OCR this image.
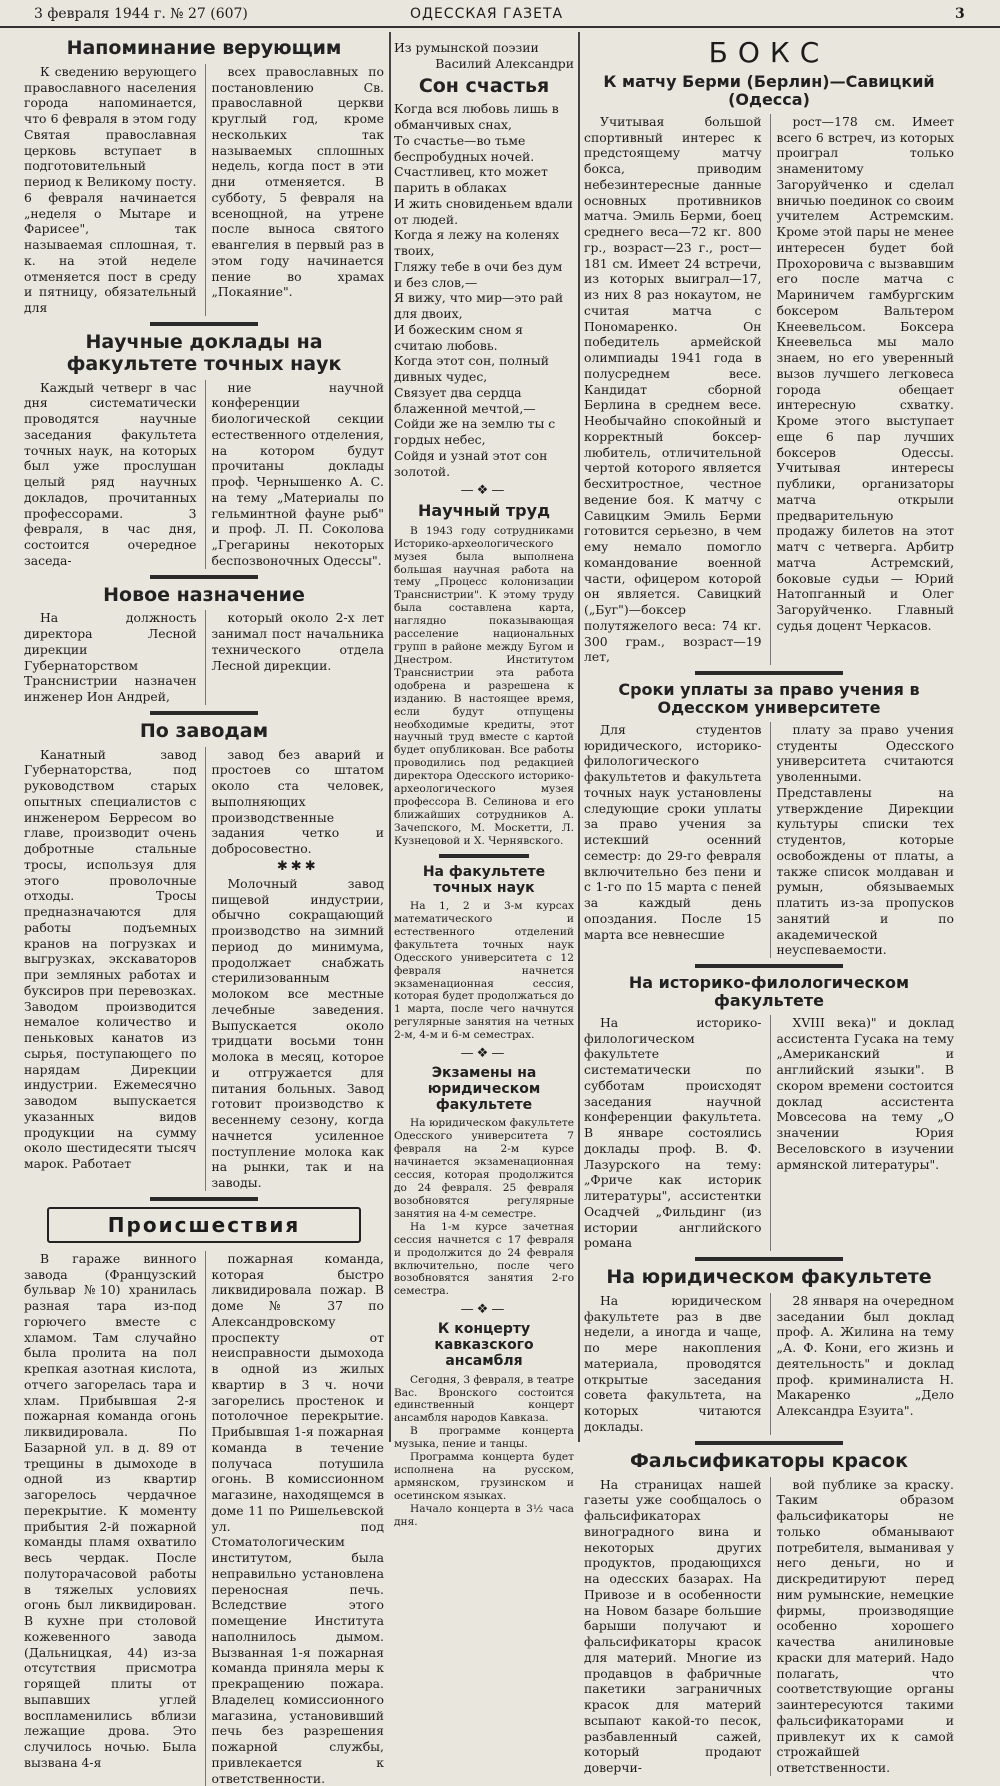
3 февраля 1944 г. № 27 (607)	ОДЕССКАЯ ГАЗЕТА	3
Напоминание верующим

К сведению верующего православного населения города напоминается, что 6 февраля в этом году Святая православная церковь вступает в подготовительный период к Великому посту. 6 февраля начинается „неделя о Мытаре и Фарисее", так называемая сплошная, т. к. на этой неделе отменяется пост в среду и пятницу, обязательный для

всех православных по постановлению Св. православной церкви круглый год, кроме нескольких так называемых сплошных недель, когда пост в эти дни отменяется. В субботу, 5 февраля на всенощной, на утрене после выноса святого евангелия в первый раз в этом году начинается пение во храмах „Покаяние".

Научные доклады на факультете точных наук

Каждый четверг в час дня систематически проводятся научные заседания факультета точных наук, на которых был уже прослушан целый ряд научных докладов, прочитанных профессорами. 3 февраля, в час дня, состоится очередное заседа-

ние научной конференции биологической секции естественного отделения, на котором будут прочитаны доклады проф. Чернышенко А. С. на тему „Материалы по гельминтной фауне рыб" и проф. Л. П. Соколова „Грегарины некоторых беспозвоночных Одессы".

Новое назначение

На должность директора Лесной дирекции Губернаторством Транснистрии назначен инженер Ион Андрей,

который около 2-х лет занимал пост начальника технического отдела Лесной дирекции.

По заводам

Канатный завод Губернаторства, под руководством старых опытных специалистов с инженером Берресом во главе, производит очень добротные стальные тросы, используя для этого проволочные отходы. Тросы предназначаются для работы подъемных кранов на погрузках и выгрузках, экскаваторов при земляных работах и буксиров при перевозках. Заводом производится немалое количество и пеньковых канатов из сырья, поступающего по нарядам Дирекции индустрии. Ежемесячно заводом выпускается указанных видов продукции на сумму около шестидесяти тысяч марок. Работает

завод без аварий и простоев со штатом около ста человек, выполняющих производственные задания четко и добросовестно.

✱✱✱

Молочный завод пищевой индустрии, обычно сокращающий производство на зимний период до минимума, продолжает снабжать стерилизованным молоком все местные лечебные заведения. Выпускается около тридцати восьми тонн молока в месяц, которое и отгружается для питания больных. Завод готовит производство к весеннему сезону, когда начнется усиленное поступление молока как на рынки, так и на заводы.

Происшествия

В гараже винного завода (Французский бульвар №10) хранилась разная тара из-под горючего вместе с хламом. Там случайно была пролита на пол крепкая азотная кислота, отчего загорелась тара и хлам. Прибывшая 2-я пожарная команда огонь ликвидировала. По Базарной ул. в д. 89 от трещины в дымоходе в одной из квартир загорелось чердачное перекрытие. К моменту прибытия 2-й пожарной команды пламя охватило весь чердак. После полуторачасовой работы в тяжелых условиях огонь был ликвидирован. В кухне при столовой кожевенного завода (Дальницкая, 44) из-за отсутствия присмотра горящей плиты от выпавших углей воспламенились вблизи лежащие дрова. Это случилось ночью. Была вызвана 4-я

пожарная команда, которая быстро ликвидировала пожар. В доме № 37 по Александровскому проспекту от неисправности дымохода в одной из жилых квартир в 3 ч. ночи загорелись простенок и потолочное перекрытие. Прибывшая 1-я пожарная команда в течение получаса потушила огонь. В комиссионном магазине, находящемся в доме 11 по Ришельевской ул. под Стоматологическим институтом, была неправильно установлена переносная печь. Вследствие этого помещение Института наполнилось дымом. Вызванная 1-я пожарная команда приняла меры к прекращению пожара. Владелец комиссионного магазина, установивший печь без разрешения пожарной службы, привлекается к ответственности.

Из румынской поэзии

Василий Александри

Сон счастья

Когда вся любовь лишь в обманчивых снах,

То счастье—во тьме беспробудных ночей.

Счастливец, кто может парить в облаках

И жить сновиденьем вдали от людей.

Когда я лежу на коленях твоих,

Гляжу тебе в очи без дум и без слов,—

Я вижу, что мир—это рай для двоих,

И божеским сном я считаю любовь.

Когда этот сон, полный дивных чудес,

Связует два сердца блаженной мечтой,—

Сойди же на землю ты с гордых небес,

Сойдя и узнай этот сон золотой.

—❖—
Научный труд

В 1943 году сотрудниками Историко-археологического музея была выполнена большая научная работа на тему „Процесс колонизации Транснистрии". К этому труду была составлена карта, наглядно показывающая расселение национальных групп в районе между Бугом и Днестром. Институтом Транснистрии эта работа одобрена и разрешена к изданию. В настоящее время, если будут отпущены необходимые кредиты, этот научный труд вместе с картой будет опубликован. Все работы проводились под редакцией директора Одесского историко-археологического музея профессора В. Селинова и его ближайших сотрудников А. Зачепского, М. Москетти, Л. Кузнецовой и Х. Чернявского.

На факультете точных наук

На 1, 2 и 3-м курсах математического и естественного отделений факультета точных наук Одесского университета с 12 февраля начнется экзаменационная сессия, которая будет продолжаться до 1 марта, после чего начнутся регулярные занятия на четных 2-м, 4-м и 6-м семестрах.

—❖—
Экзамены на юридическом факультете

На юридическом факультете Одесского университета 7 февраля на 2-м курсе начинается экзаменационная сессия, которая продолжится до 24 февраля. 25 февраля возобновятся регулярные занятия на 4-м семестре.

На 1-м курсе зачетная сессия начнется с 17 февраля и продолжится до 24 февраля включительно, после чего возобновятся занятия 2-го семестра.

—❖—
К концерту кавказского ансамбля

Сегодня, 3 февраля, в театре Вас. Вронского состоится единственный концерт ансамбля народов Кавказа.

В программе концерта музыка, пение и танцы.

Программа концерта будет исполнена на русском, армянском, грузинском и осетинском языках.

Начало концерта в 3½ часа дня.

БОКС
К матчу Берми (Берлин)—Савицкий (Одесса)

Учитывая большой спортивный интерес к предстоящему матчу бокса, приводим небезинтересные данные основных противников матча. Эмиль Берми, боец среднего веса—72 кг. 800 гр., возраст—23 г., рост—181 см. Имеет 24 встречи, из которых выиграл—17, из них 8 раз нокаутом, не считая матча с Пономаренко. Он победитель армейской олимпиады 1941 года в полусреднем весе. Кандидат сборной Берлина в среднем весе. Необычайно спокойный и корректный боксер-любитель, отличительной чертой которого является бесхитростное, честное ведение боя. К матчу с Савицким Эмиль Берми готовится серьезно, в чем ему немало помогло командование военной части, офицером которой он является. Савицкий („Буг")—боксер полутяжелого веса: 74 кг. 300 грам., возраст—19 лет,

рост—178 см. Имеет всего 6 встреч, из которых проиграл только знаменитому Загоруйченко и сделал вничью поединок со своим учителем Астремским. Кроме этой пары не менее интересен будет бой Прохоровича с вызвавшим его после матча с Мариничем гамбургским боксером Вальтером Кнеевельсом. Боксера Кнеевельса мы мало знаем, но его уверенный вызов лучшего легковеса города обещает интересную схватку. Кроме этого выступает еще 6 пар лучших боксеров Одессы. Учитывая интересы публики, организаторы матча открыли предварительную продажу билетов на этот матч с четверга. Арбитр матча Астремский, боковые судьи — Юрий Натопганный и Олег Загоруйченко. Главный судья доцент Черкасов.

Сроки уплаты за право учения в Одесском университете

Для студентов юридического, историко-филологического факультетов и факультета точных наук установлены следующие сроки уплаты за право учения за истекший осенний семестр: до 29-го февраля включительно без пени и с 1-го по 15 марта с пеней за каждый день опоздания. После 15 марта все невнесшие

плату за право учения студенты Одесского университета считаются уволенными. Представлены на утверждение Дирекции культуры списки тех студентов, которые освобождены от платы, а также список молдаван и румын, обязываемых платить из-за пропусков занятий и по академической неуспеваемости.

На историко-филологическом факультете

На историко-филологическом факультете систематически по субботам происходят заседания научной конференции факультета. В январе состоялись доклады проф. В. Ф. Лазурского на тему: „Фриче как историк литературы", ассистентки Осадчей „Фильдинг (из истории английского романа

XVIII века)" и доклад ассистента Гусака на тему „Американский и английский языки". В скором времени состоится доклад ассистента Мовсесова на тему „О значении Юрия Веселовского в изучении армянской литературы".

На юридическом факультете

На юридическом факультете раз в две недели, а иногда и чаще, по мере накопления материала, проводятся открытые заседания совета факультета, на которых читаются доклады.

28 января на очередном заседании был доклад проф. А. Жилина на тему „А. Ф. Кони, его жизнь и деятельность" и доклад проф. криминалиста Н. Макаренко „Дело Александра Езуита".

Фальсификаторы красок

На страницах нашей газеты уже сообщалось о фальсификаторах виноградного вина и некоторых других продуктов, продающихся на одесских базарах. На Привозе и в особенности на Новом базаре большие барыши получают и фальсификаторы красок для материй. Многие из продавцов в фабричные пакетики заграничных красок для материй всыпают какой-то песок, разбавленный сажей, который продают доверчи-

вой публике за краску. Таким образом фальсификаторы не только обманывают потребителя, выманивая у него деньги, но и дискредитируют перед ним румынские, немецкие фирмы, производящие особенно хорошего качества анилиновые краски для материй. Надо полагать, что соответствующие органы заинтересуются такими фальсификаторами и привлекут их к самой строжайшей ответственности.
